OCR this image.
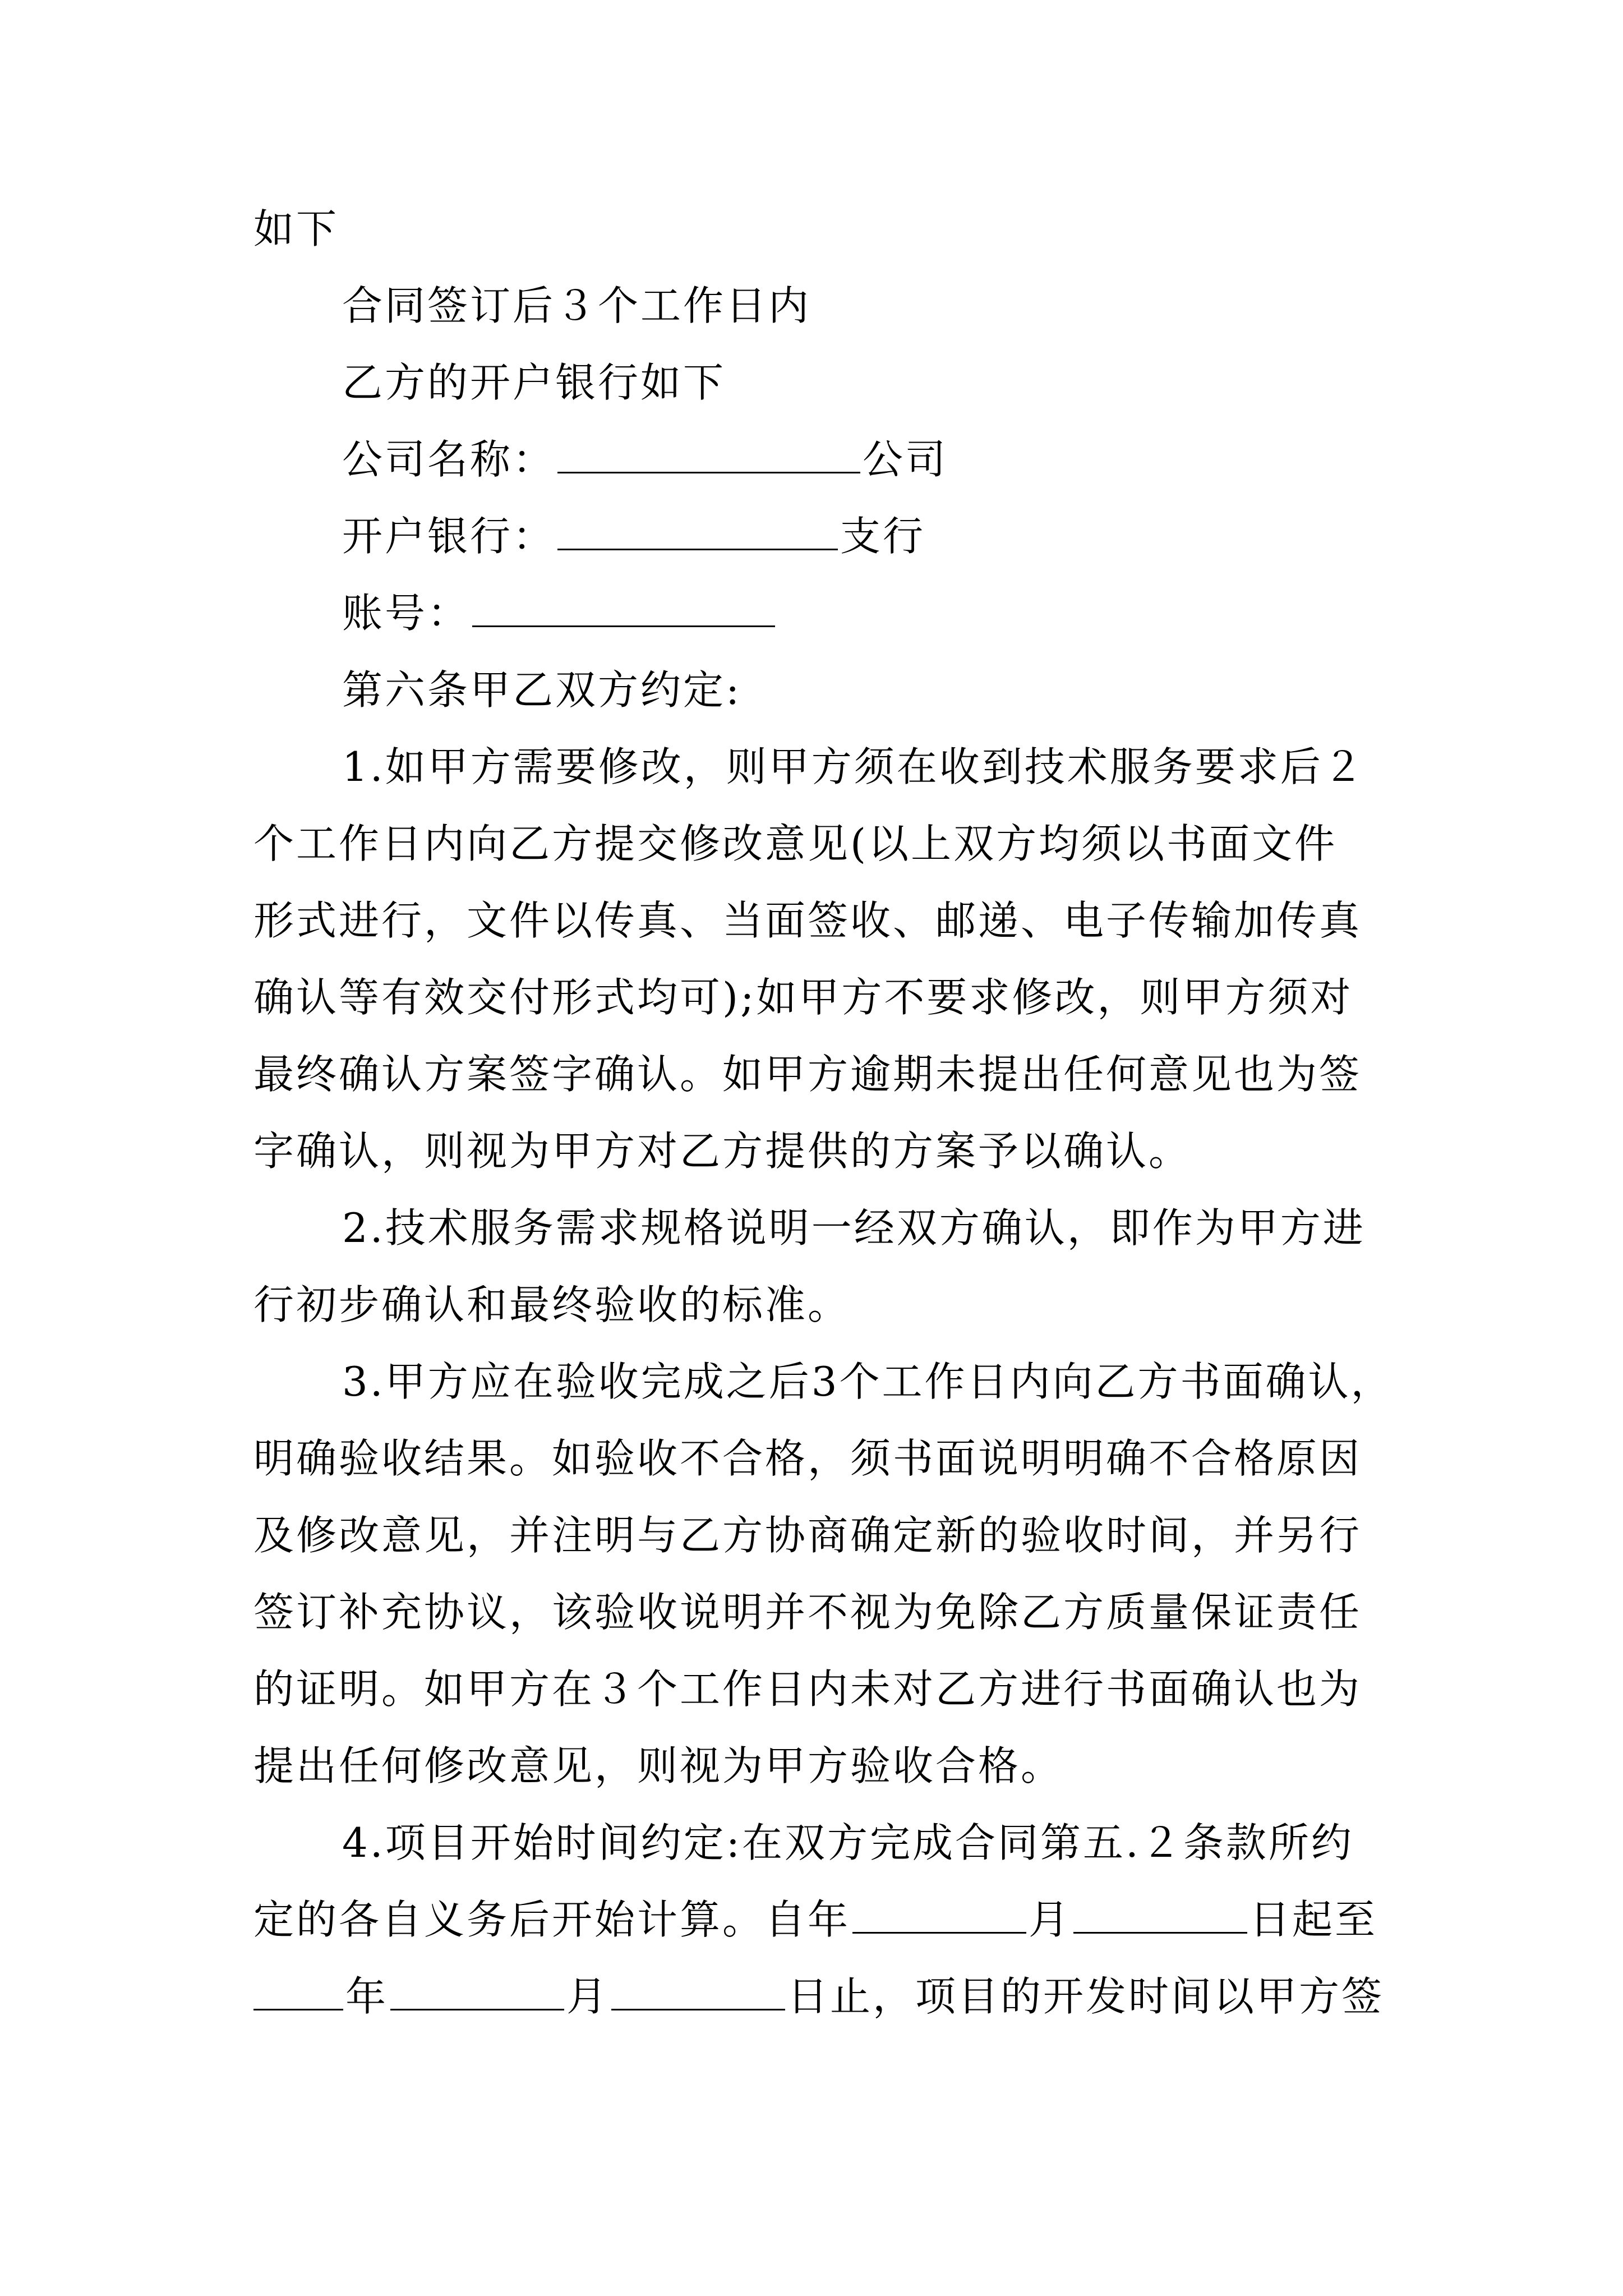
如下

合同签订后３个工作日内

乙方的开户银行如下

公司名称：	公司

开户银行：	支行

账号：

第六条甲乙双方约定:

1.如甲方需要修改，则甲方须在收到技术服务要求后２

个工作日内向乙方提交修改意见(以上双方均须以书面文件

形式进行，文件以传真、当面签收、邮递、电子传输加传真

确认等有效交付形式均可);如甲方不要求修改，则甲方须对

最终确认方案签字确认。如甲方逾期未提出任何意见也为签

字确认，则视为甲方对乙方提供的方案予以确认。

2.技术服务需求规格说明一经双方确认，即作为甲方进

行初步确认和最终验收的标准。

3.甲方应在验收完成之后3个工作日内向乙方书面确认，

明确验收结果。如验收不合格，须书面说明明确不合格原因

及修改意见，并注明与乙方协商确定新的验收时间，并另行

签订补充协议，该验收说明并不视为免除乙方质量保证责任

的证明。如甲方在３个工作日内未对乙方进行书面确认也为

提出任何修改意见，则视为甲方验收合格。

4.项目开始时间约定:在双方完成合同第五.２条款所约

定的各自义务后开始计算。自年	月	日起至

年	月	日止，项目的开发时间以甲方签
